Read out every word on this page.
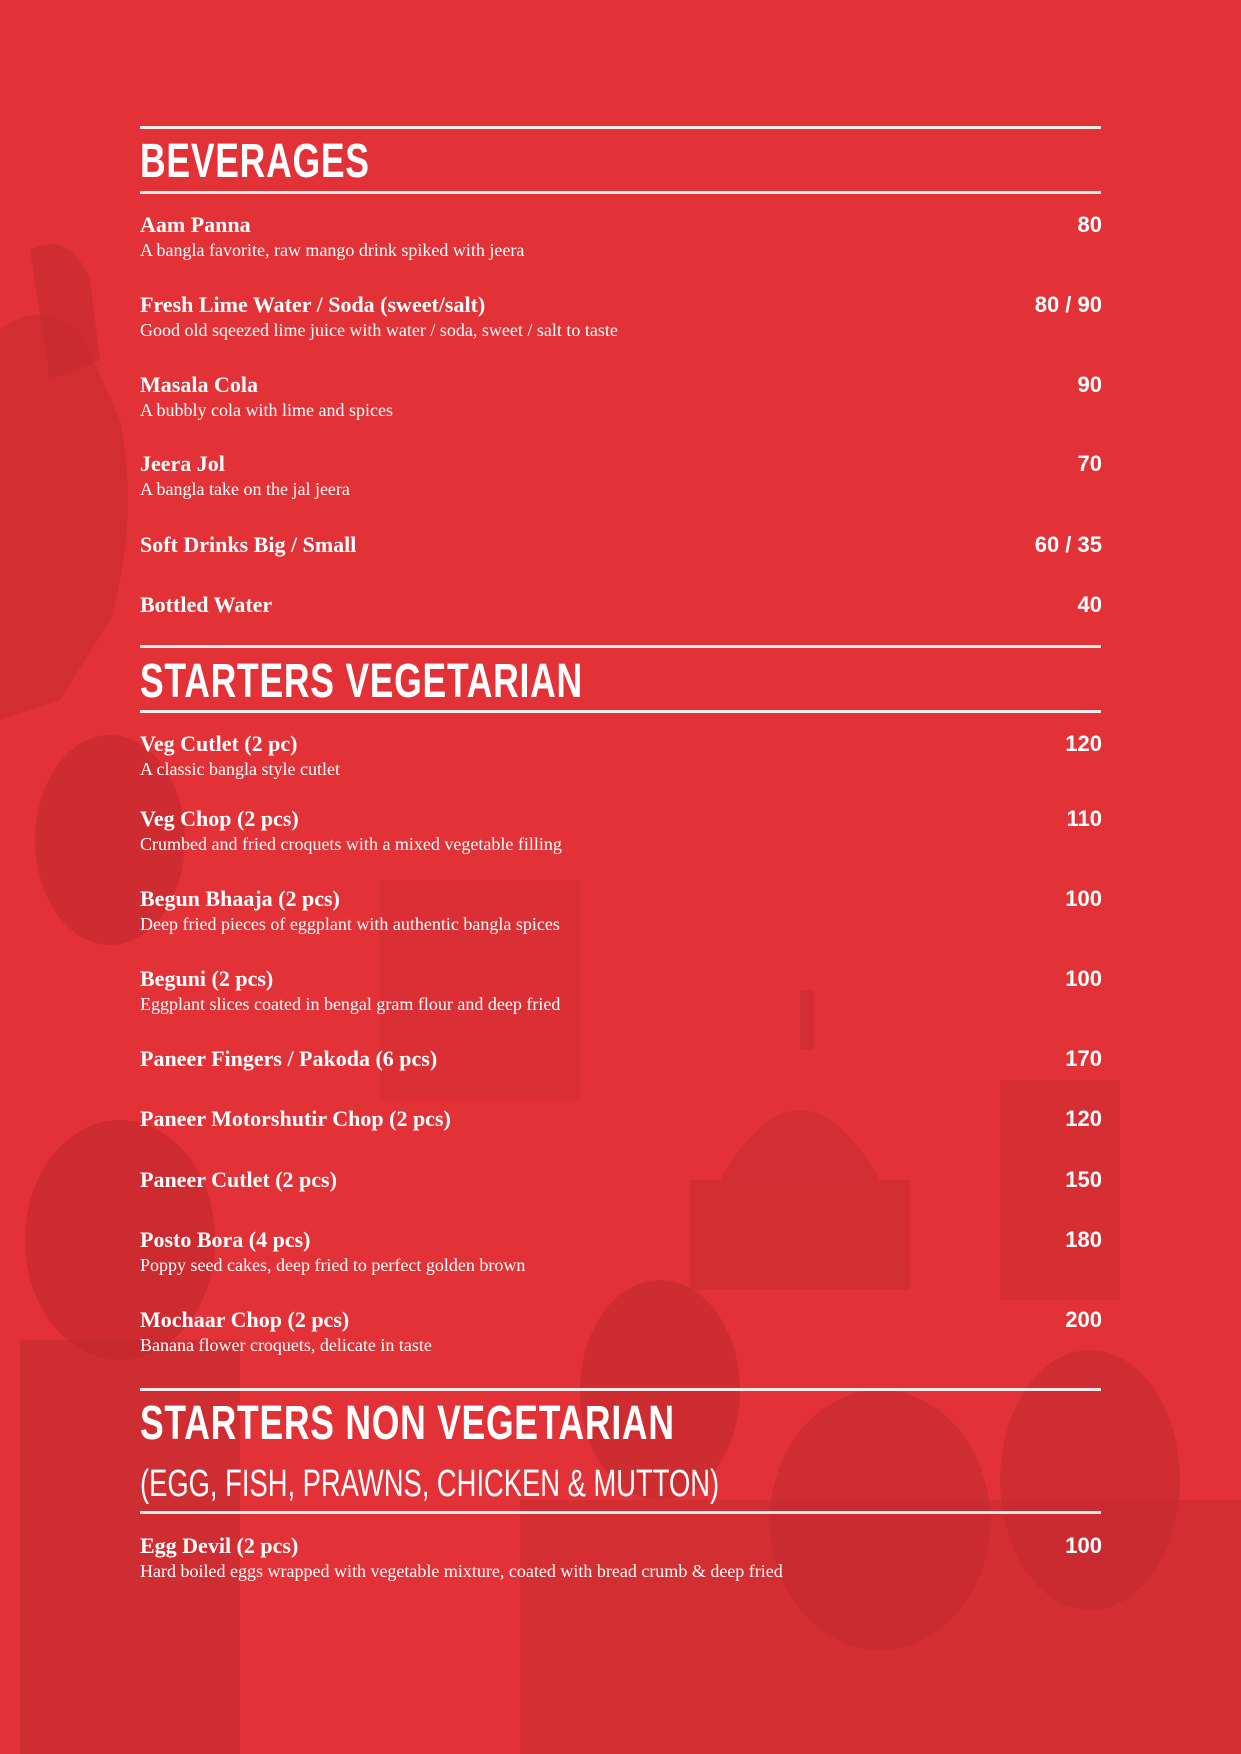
BEVERAGES
Aam Panna
A bangla favorite, raw mango drink spiked with jeera
80
Fresh Lime Water / Soda (sweet/salt)
Good old sqeezed lime juice with water / soda, sweet / salt to taste
80 / 90
Masala Cola
A bubbly cola with lime and spices
90
Jeera Jol
A bangla take on the jal jeera
70
Soft Drinks Big / Small	60 / 35
Bottled Water	40
STARTERS VEGETARIAN
Veg Cutlet (2 pc)
A classic bangla style cutlet
120
Veg Chop (2 pcs)
Crumbed and fried croquets with a mixed vegetable filling
110
Begun Bhaaja (2 pcs)
Deep fried pieces of eggplant with authentic bangla spices
100
Beguni (2 pcs)
Eggplant slices coated in bengal gram flour and deep fried
100
Paneer Fingers / Pakoda (6 pcs)	170
Paneer Motorshutir Chop (2 pcs)	120
Paneer Cutlet (2 pcs)	150
Posto Bora (4 pcs)
Poppy seed cakes, deep fried to perfect golden brown
180
Mochaar Chop (2 pcs)
Banana flower croquets, delicate in taste
200
STARTERS NON VEGETARIAN
(EGG, FISH, PRAWNS, CHICKEN & MUTTON)
Egg Devil (2 pcs)
Hard boiled eggs wrapped with vegetable mixture, coated with bread crumb & deep fried
100
